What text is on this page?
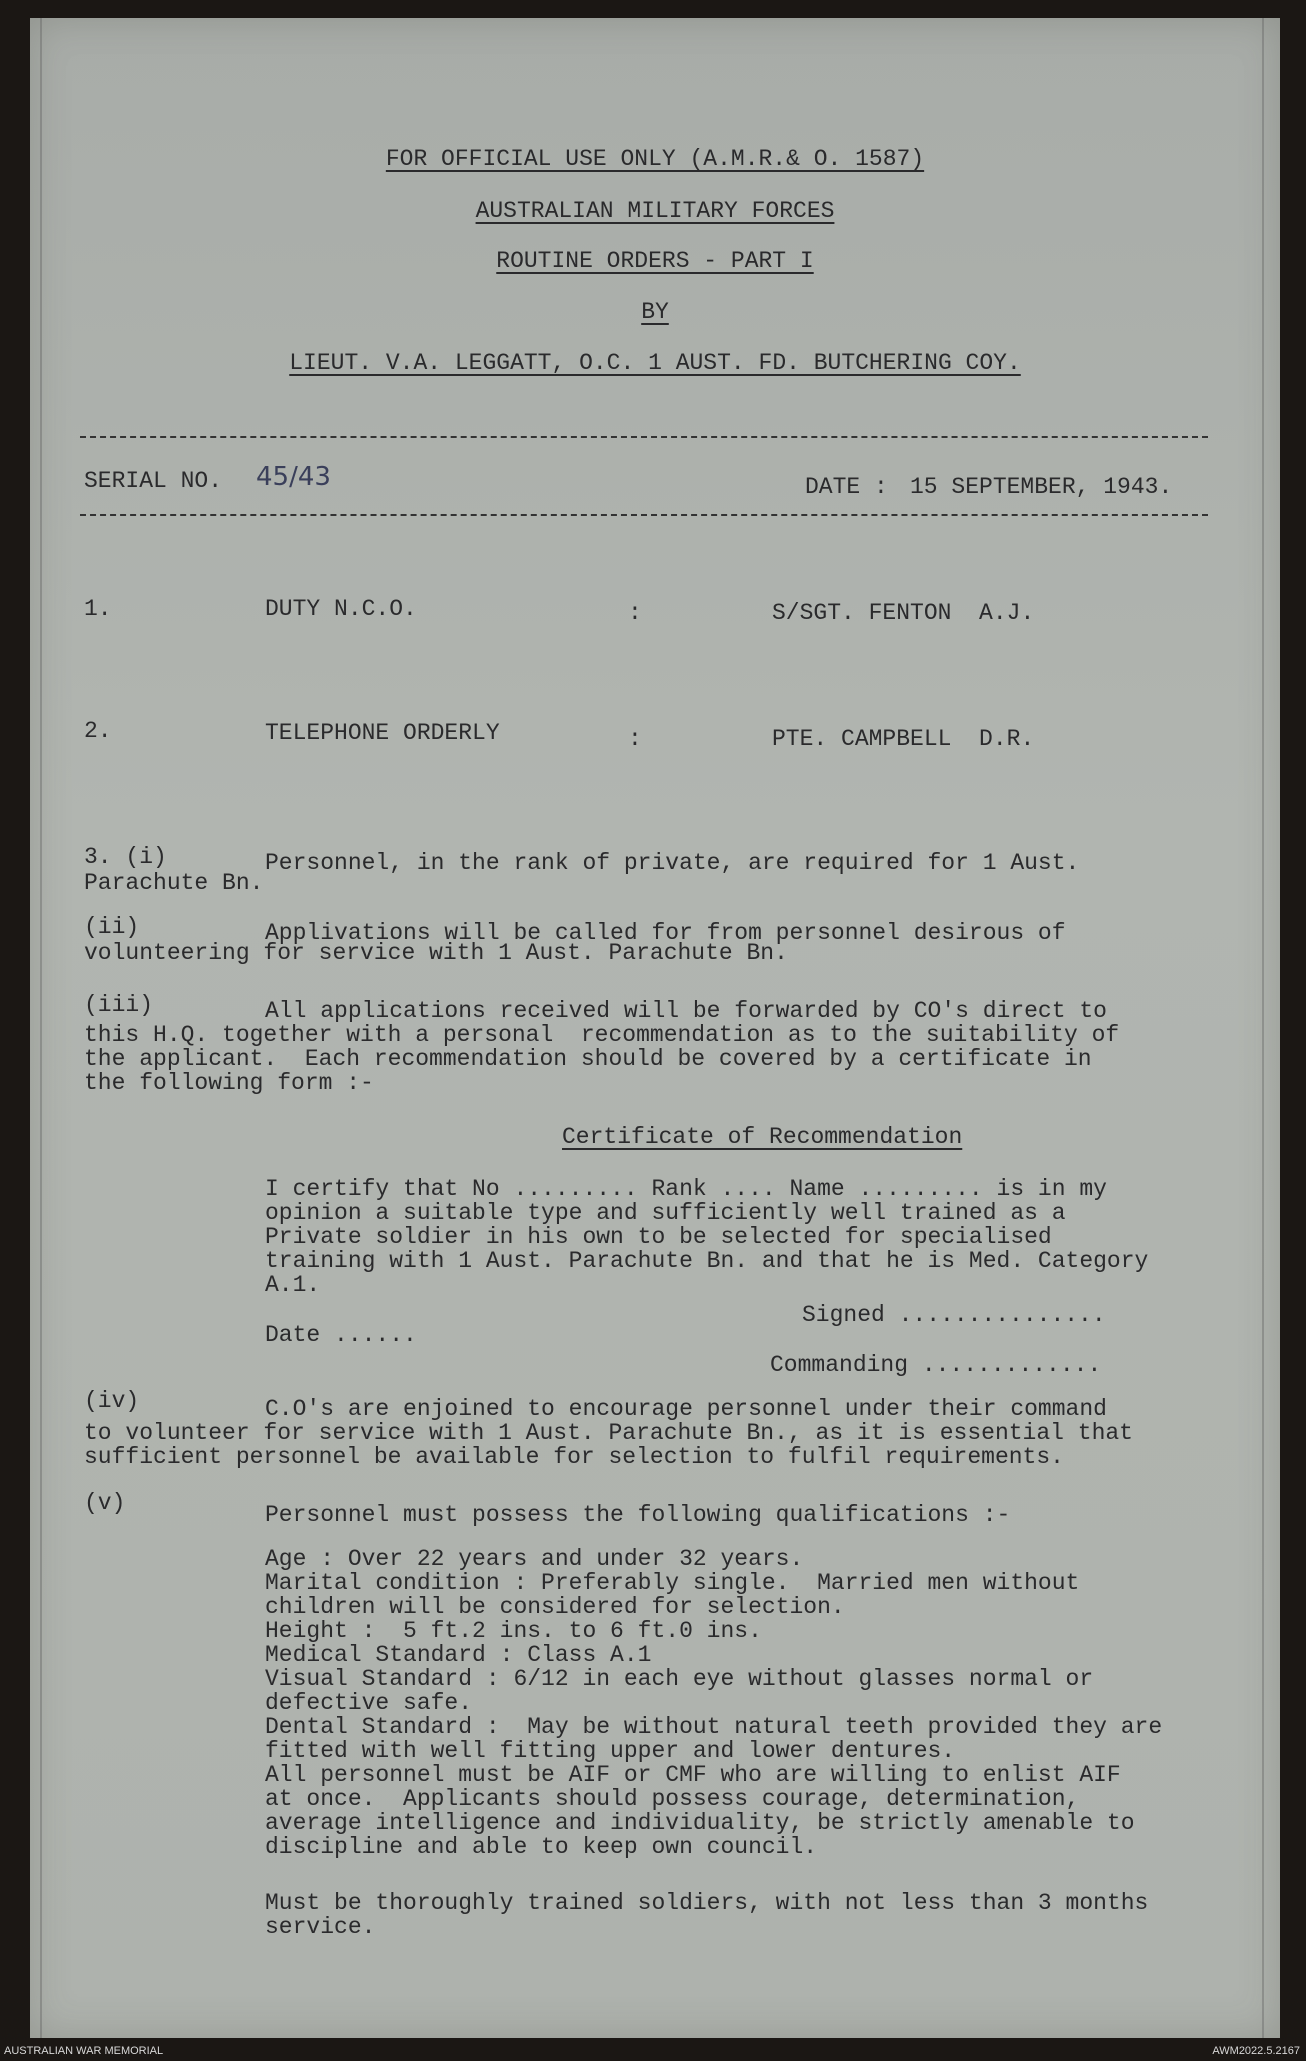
FOR OFFICIAL USE ONLY (A.M.R.& O. 1587)
AUSTRALIAN MILITARY FORCES
ROUTINE ORDERS - PART I
BY
LIEUT. V.A. LEGGATT, O.C. 1 AUST. FD. BUTCHERING COY.
SERIAL NO. 45/43	DATE : 15 SEPTEMBER, 1943.
1.	DUTY N.C.O.	:	S/SGT. FENTON  A.J.
2.	TELEPHONE ORDERLY	:	PTE. CAMPBELL  D.R.
3. (i)	Personnel, in the rank of private, are required for 1 Aust.
Parachute Bn.
(ii)	Applivations will be called for from personnel desirous of
volunteering for service with 1 Aust. Parachute Bn.
(iii)	All applications received will be forwarded by CO's direct to
this H.Q. together with a personal  recommendation as to the suitability of
the applicant.  Each recommendation should be covered by a certificate in
the following form :-
Certificate of Recommendation
I certify that No ......... Rank .... Name ......... is in my
opinion a suitable type and sufficiently well trained as a
Private soldier in his own to be selected for specialised
training with 1 Aust. Parachute Bn. and that he is Med. Category
A.1.
Signed ...............
Date ......
Commanding .............
(iv)	C.O's are enjoined to encourage personnel under their command
to volunteer for service with 1 Aust. Parachute Bn., as it is essential that
sufficient personnel be available for selection to fulfil requirements.
(v)	Personnel must possess the following qualifications :-
Age : Over 22 years and under 32 years.
Marital condition : Preferably single.  Married men without
children will be considered for selection.
Height :  5 ft.2 ins. to 6 ft.0 ins.
Medical Standard : Class A.1
Visual Standard : 6/12 in each eye without glasses normal or
defective safe.
Dental Standard :  May be without natural teeth provided they are
fitted with well fitting upper and lower dentures.
All personnel must be AIF or CMF who are willing to enlist AIF
at once.  Applicants should possess courage, determination,
average intelligence and individuality, be strictly amenable to
discipline and able to keep own council.
Must be thoroughly trained soldiers, with not less than 3 months
service.
AUSTRALIAN WAR MEMORIAL	AWM2022.5.2167
